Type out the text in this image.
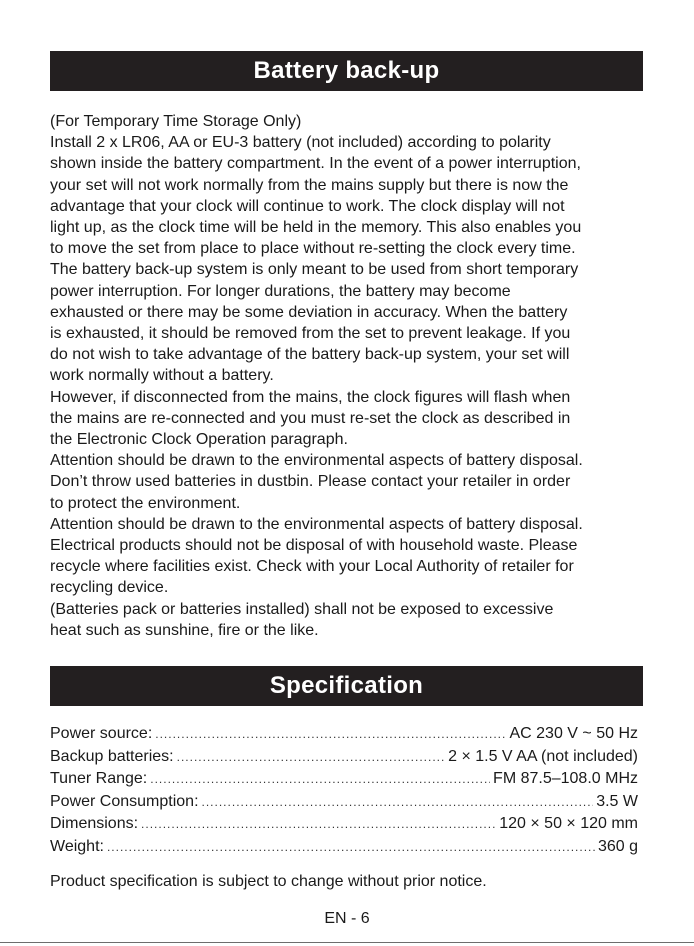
Battery back-up
(For Temporary Time Storage Only)
Install 2 x LR06, AA or EU-3 battery (not included) according to polarity
shown inside the battery compartment. In the event of a power interruption,
your set will not work normally from the mains supply but there is now the
advantage that your clock will continue to work. The clock display will not
light up, as the clock time will be held in the memory. This also enables you
to move the set from place to place without re-setting the clock every time.
The battery back-up system is only meant to be used from short temporary
power interruption. For longer durations, the battery may become
exhausted or there may be some deviation in accuracy. When the battery
is exhausted, it should be removed from the set to prevent leakage. If you
do not wish to take advantage of the battery back-up system, your set will
work normally without a battery.
However, if disconnected from the mains, the clock figures will flash when
the mains are re-connected and you must re-set the clock as described in
the Electronic Clock Operation paragraph.
Attention should be drawn to the environmental aspects of battery disposal.
Don’t throw used batteries in dustbin. Please contact your retailer in order
to protect the environment.
Attention should be drawn to the environmental aspects of battery disposal.
Electrical products should not be disposal of with household waste. Please
recycle where facilities exist. Check with your Local Authority of retailer for
recycling device.
(Batteries pack or batteries installed) shall not be exposed to excessive
heat such as sunshine, fire or the like.
Specification
Power source: .....	AC 230 V ~ 50 Hz
Backup batteries: .....	2 × 1.5 V AA (not included)
Tuner Range: .....	FM 87.5–108.0 MHz
Power Consumption: .....	3.5 W
Dimensions: .....	120 × 50 × 120 mm
Weight: .....	360 g
Product specification is subject to change without prior notice.
EN - 6
